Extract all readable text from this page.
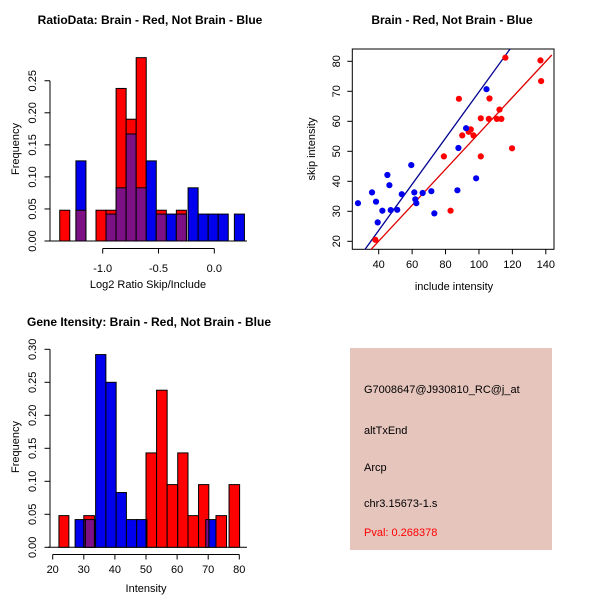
0.00
0.05
0.10
0.15
0.20
0.25
-1.0	-0.5	0.0	40 60 80 100 120 140
20
30
40
50
60
70
80
0.00
0.05
0.10
0.15
0.20
0.25
0.30
20 30 40 50 60 70 80
RatioData: Brain - Red, Not Brain - Blue
Log2 Ratio Skip/Include
Frequency
Brain - Red, Not Brain - Blue
include intensity
skip intensity
Gene Itensity: Brain - Red, Not Brain - Blue
Intensity
Frequency
G7008647@J930810_RC@j_at
altTxEnd
Arcp
chr3.15673-1.s
Pval: 0.268378
